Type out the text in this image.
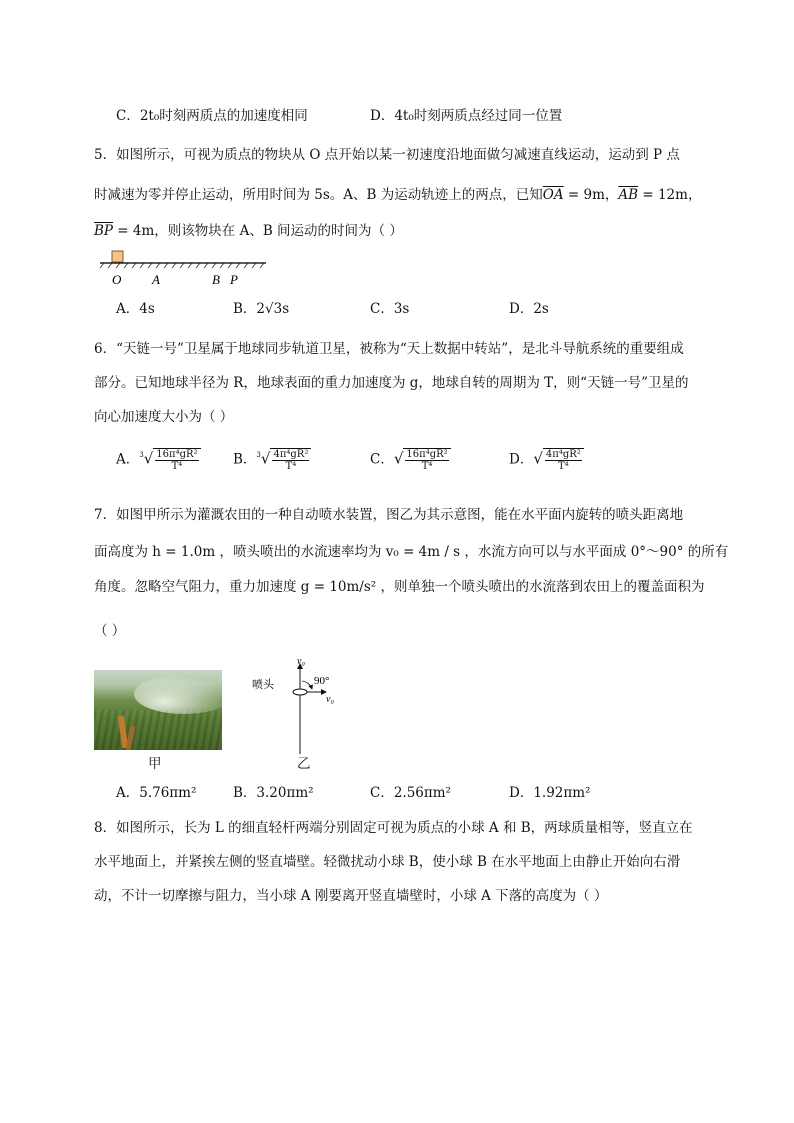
C．2t₀时刻两质点的加速度相同	D．4t₀时刻两质点经过同一位置
5．如图所示，可视为质点的物块从 O 点开始以某一初速度沿地面做匀减速直线运动，运动到 P 点
时减速为零并停止运动，所用时间为 5s。A、B 为运动轨迹上的两点，已知$\overline{OA} = 9m$，$\overline{AB} = 12m$，
$\overline{BP} = 4m$，则该物块在 A、B 间运动的时间为（ ）
O A	B P
A．4s	B．2√3s	C．3s	D．2s
6．“天链一号”卫星属于地球同步轨道卫星，被称为“天上数据中转站”，是北斗导航系统的重要组成
部分。已知地球半径为 R，地球表面的重力加速度为 g，地球自转的周期为 T，则“天链一号”卫星的
向心加速度大小为（ ）
A．$^3√ \frac{\text{16π⁴gR²}}{\text{T⁴}}$	B．$^3√ \frac{\text{4π⁴gR²}}{\text{T⁴}}$	C．√ $\frac{\text{16π⁴gR²}}{\text{T⁴}}$	D．√ $\frac{\text{4π⁴gR²}}{\text{T⁴}}$
7．如图甲所示为灌溉农田的一种自动喷水装置，图乙为其示意图，能在水平面内旋转的喷头距离地
面高度为 h = 1.0m ，喷头喷出的水流速率均为 v₀ = 4m / s ，水流方向可以与水平面成 0°～90° 的所有
角度。忽略空气阻力，重力加速度 g = 10m/s² ，则单独一个喷头喷出的水流落到农田上的覆盖面积为
（ ）
甲
v₀
v₀
90°
喷头
乙
A．5.76πm²	B．3.20πm²	C．2.56πm²	D．1.92πm²
8．如图所示，长为 L 的细直轻杆两端分别固定可视为质点的小球 A 和 B，两球质量相等，竖直立在
水平地面上，并紧挨左侧的竖直墙壁。轻微扰动小球 B，使小球 B 在水平地面上由静止开始向右滑
动，不计一切摩擦与阻力，当小球 A 刚要离开竖直墙壁时，小球 A 下落的高度为（ ）
